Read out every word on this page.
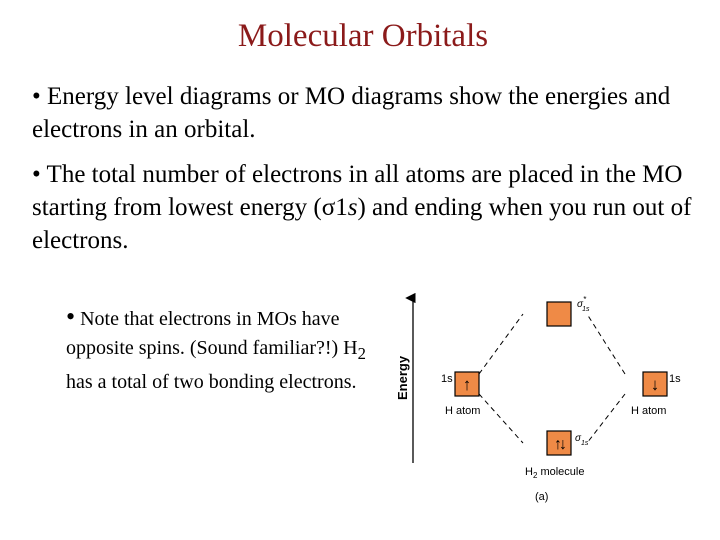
Molecular Orbitals
• Energy level diagrams or MO diagrams show the energies and electrons in an orbital.
• The total number of electrons in all atoms are placed in the MO starting from lowest energy (σ1s) and ending when you run out of electrons.
• Note that electrons in MOs have opposite spins. (Sound familiar?!) $H_2$ has a total of two bonding electrons.	Energy
σ* 1s
↑
1s
H atom
↓ 1s
H atom
↑↓ $\sigma_{1s}$
$H_2$ molecule
(a)
